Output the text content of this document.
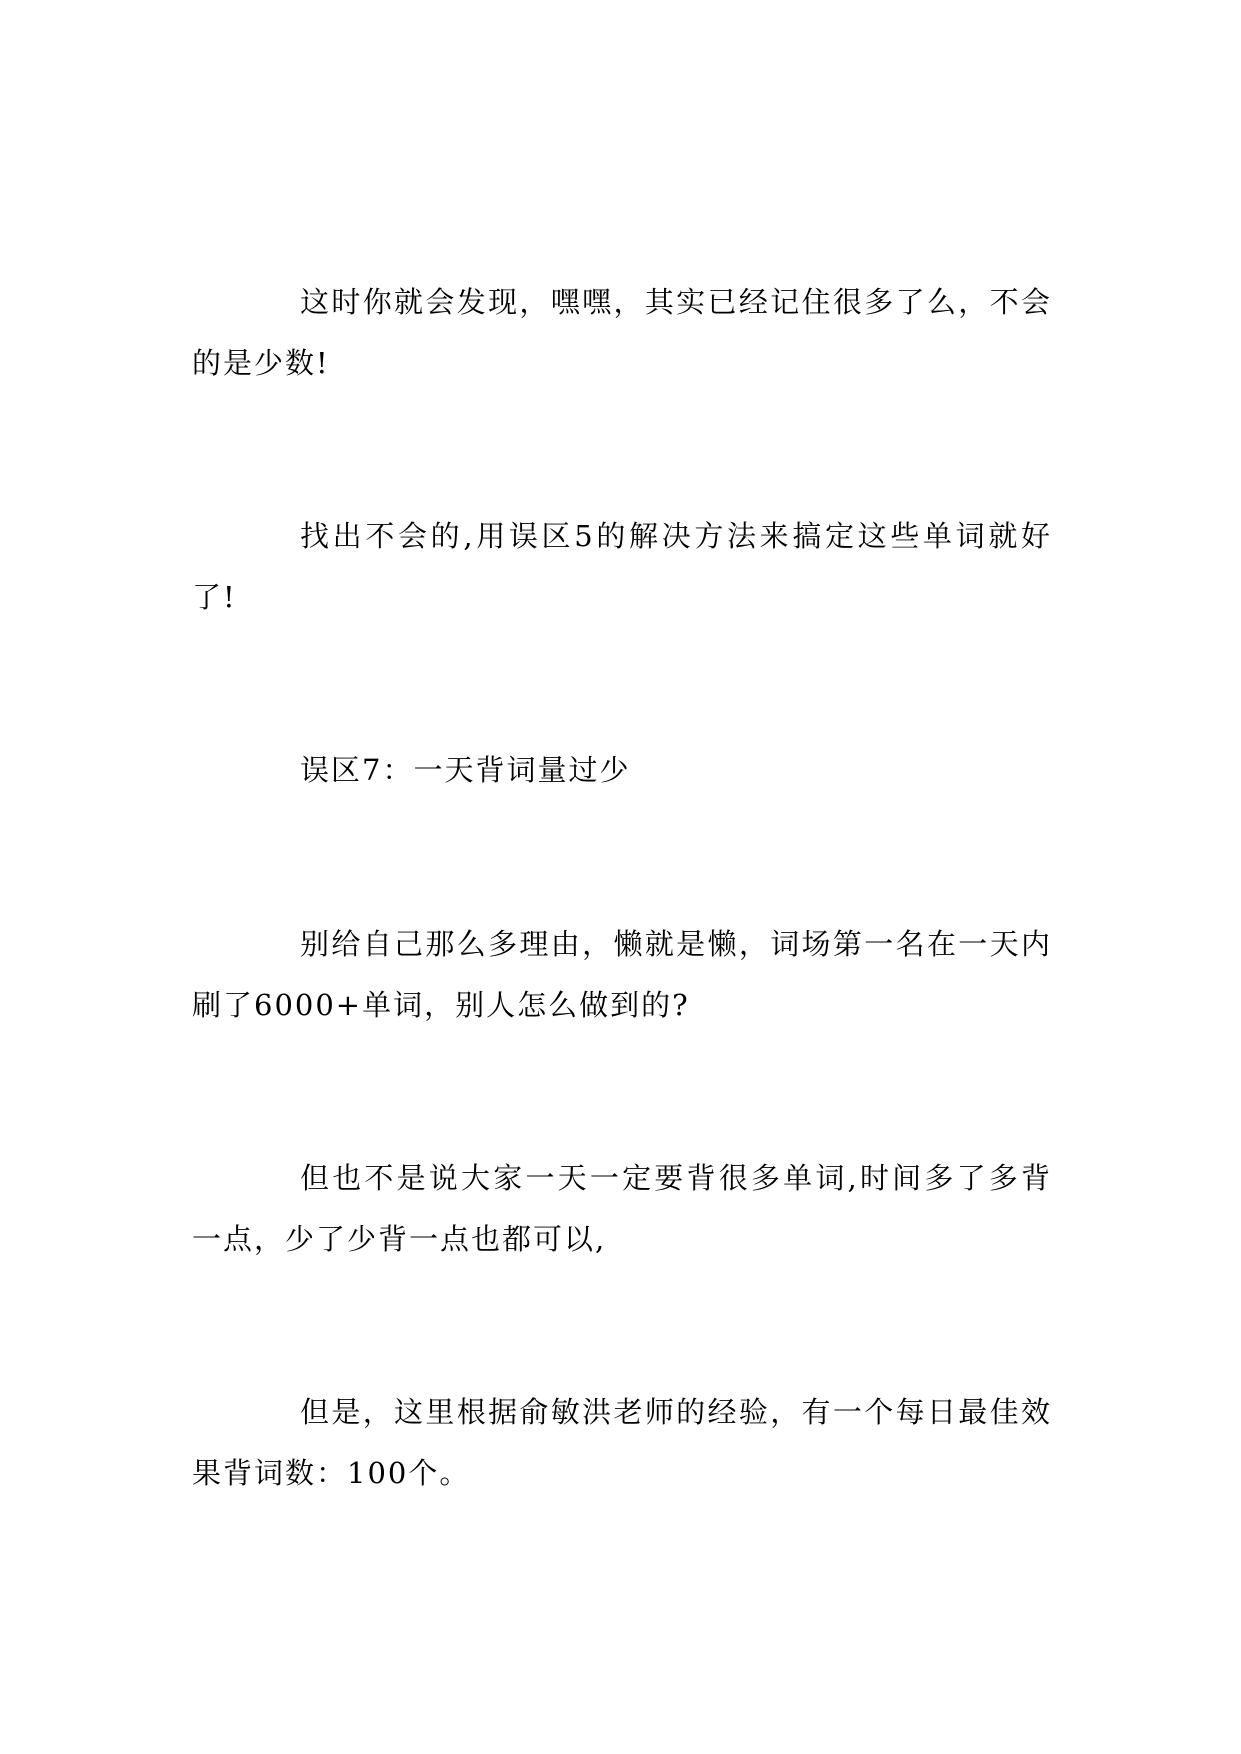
这时你就会发现，嘿嘿，其实已经记住很多了么，不会的是少数!

找出不会的,用误区5的解决方法来搞定这些单词就好了!

误区7：一天背词量过少

别给自己那么多理由，懒就是懒，词场第一名在一天内刷了6000+单词，别人怎么做到的?

但也不是说大家一天一定要背很多单词,时间多了多背一点，少了少背一点也都可以,

但是，这里根据俞敏洪老师的经验，有一个每日最佳效果背词数：100个。
